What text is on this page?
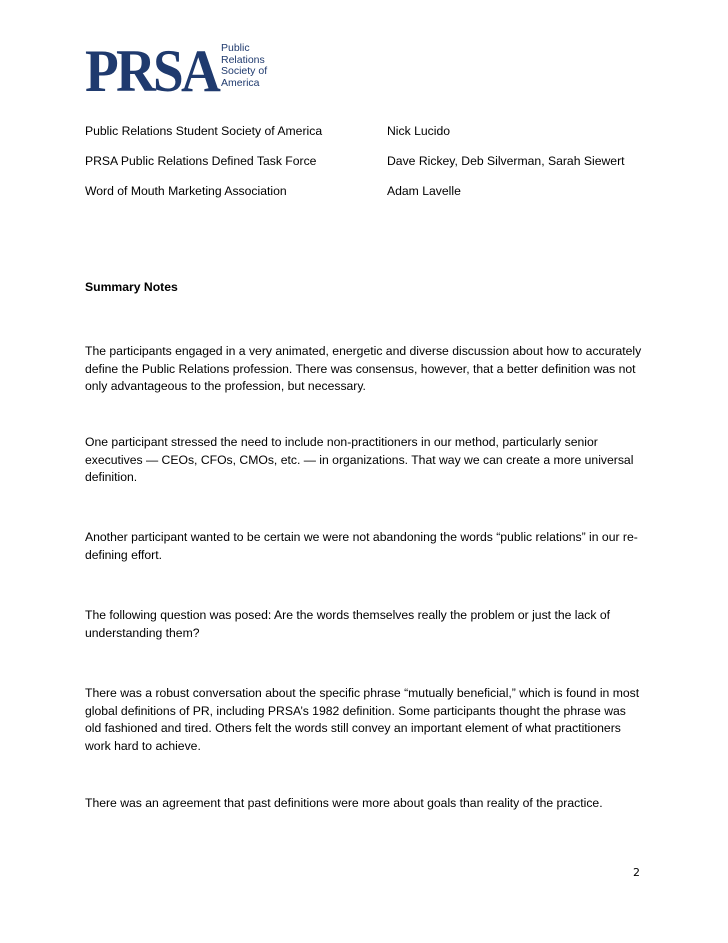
PRSA Public
Relations
Society of
America
Public Relations Student Society of America	Nick Lucido
PRSA Public Relations Defined Task Force	Dave Rickey, Deb Silverman, Sarah Siewert
Word of Mouth Marketing Association	Adam Lavelle
Summary Notes

The participants engaged in a very animated, energetic and diverse discussion about how to accurately define the Public Relations profession. There was consensus, however, that a better definition was not only advantageous to the profession, but necessary.

One participant stressed the need to include non-practitioners in our method, particularly senior executives — CEOs, CFOs, CMOs, etc. — in organizations. That way we can create a more universal definition.

Another participant wanted to be certain we were not abandoning the words “public relations” in our re-defining effort.

The following question was posed: Are the words themselves really the problem or just the lack of understanding them?

There was a robust conversation about the specific phrase “mutually beneficial,” which is found in most global definitions of PR, including PRSA’s 1982 definition. Some participants thought the phrase was old fashioned and tired. Others felt the words still convey an important element of what practitioners work hard to achieve.

There was an agreement that past definitions were more about goals than reality of the practice.

2
